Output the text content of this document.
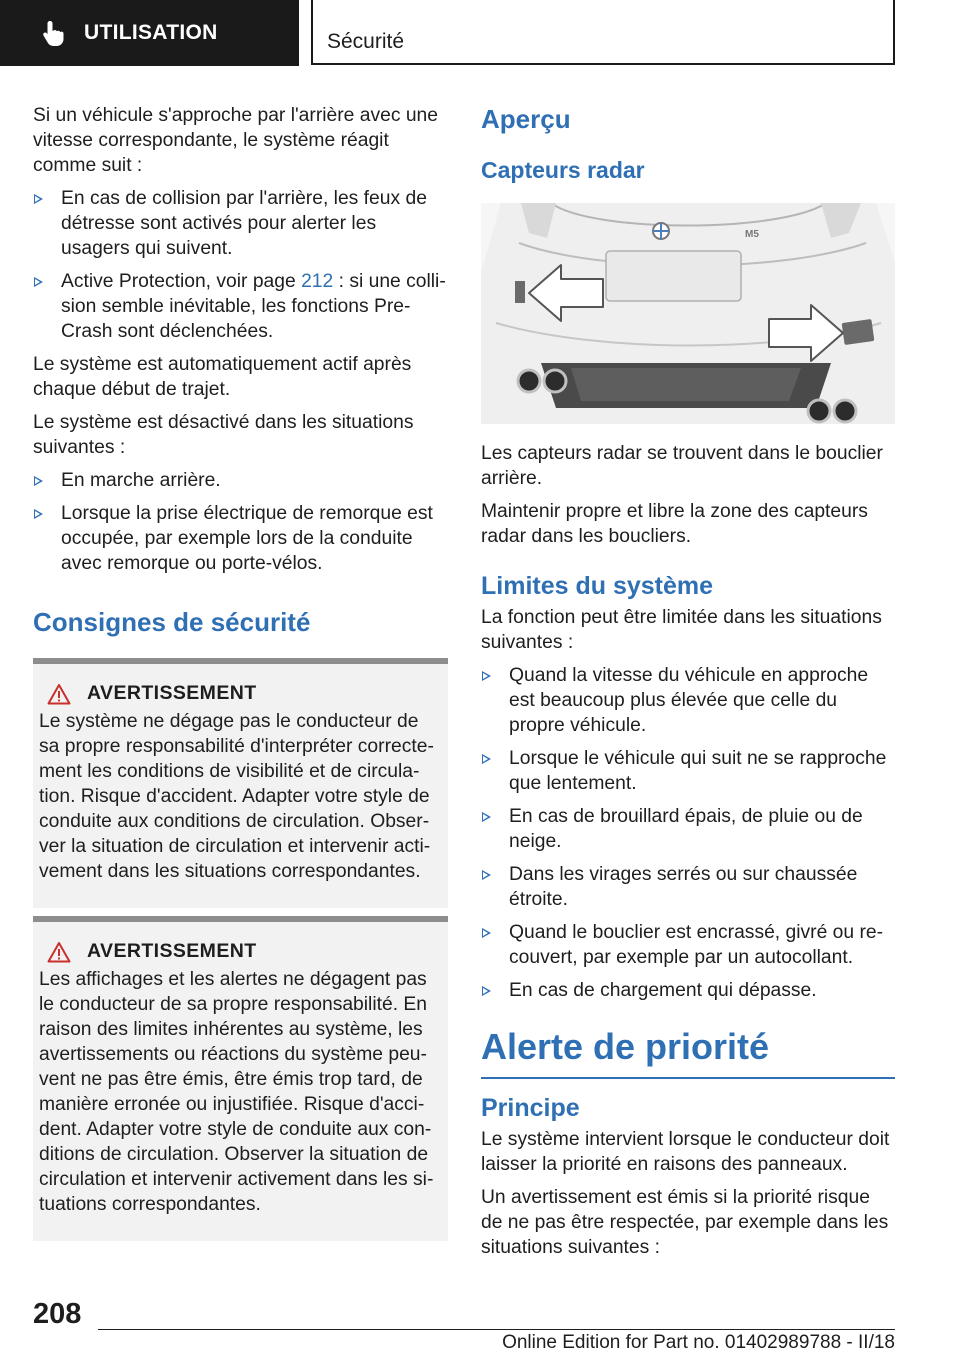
UTILISATION	Sécurité

Si un véhicule s'approche par l'arrière avec une vitesse correspondante, le système réagit comme suit :

En cas de collision par l'arrière, les feux de détresse sont activés pour alerter les usagers qui suivent.
Active Protection, voir page 212 : si une collision semble inévitable, les fonctions Pre-Crash sont déclenchées.

Le système est automatiquement actif après chaque début de trajet.

Le système est désactivé dans les situations suivantes :

En marche arrière.
Lorsque la prise électrique de remorque est occupée, par exemple lors de la conduite avec remorque ou porte-vélos.
Consignes de sécurité
AVERTISSEMENT

Le système ne dégage pas le conducteur de sa propre responsabilité d'interpréter correctement les conditions de visibilité et de circulation. Risque d'accident. Adapter votre style de conduite aux conditions de circulation. Observer la situation de circulation et intervenir activement dans les situations correspondantes.

AVERTISSEMENT

Les affichages et les alertes ne dégagent pas le conducteur de sa propre responsabilité. En raison des limites inhérentes au système, les avertissements ou réactions du système peuvent ne pas être émis, être émis trop tard, de manière erronée ou injustifiée. Risque d'accident. Adapter votre style de conduite aux conditions de circulation. Observer la situation de circulation et intervenir activement dans les situations correspondantes.

Aperçu
Capteurs radar
M5

Les capteurs radar se trouvent dans le bouclier arrière.

Maintenir propre et libre la zone des capteurs radar dans les boucliers.

Limites du système

La fonction peut être limitée dans les situations suivantes :

Quand la vitesse du véhicule en approche est beaucoup plus élevée que celle du propre véhicule.
Lorsque le véhicule qui suit ne se rapproche que lentement.
En cas de brouillard épais, de pluie ou de neige.
Dans les virages serrés ou sur chaussée étroite.
Quand le bouclier est encrassé, givré ou recouvert, par exemple par un autocollant.
En cas de chargement qui dépasse.
Alerte de priorité
Principe

Le système intervient lorsque le conducteur doit laisser la priorité en raisons des panneaux.

Un avertissement est émis si la priorité risque de ne pas être respectée, par exemple dans les situations suivantes :

208
Online Edition for Part no. 01402989788 - II/18
